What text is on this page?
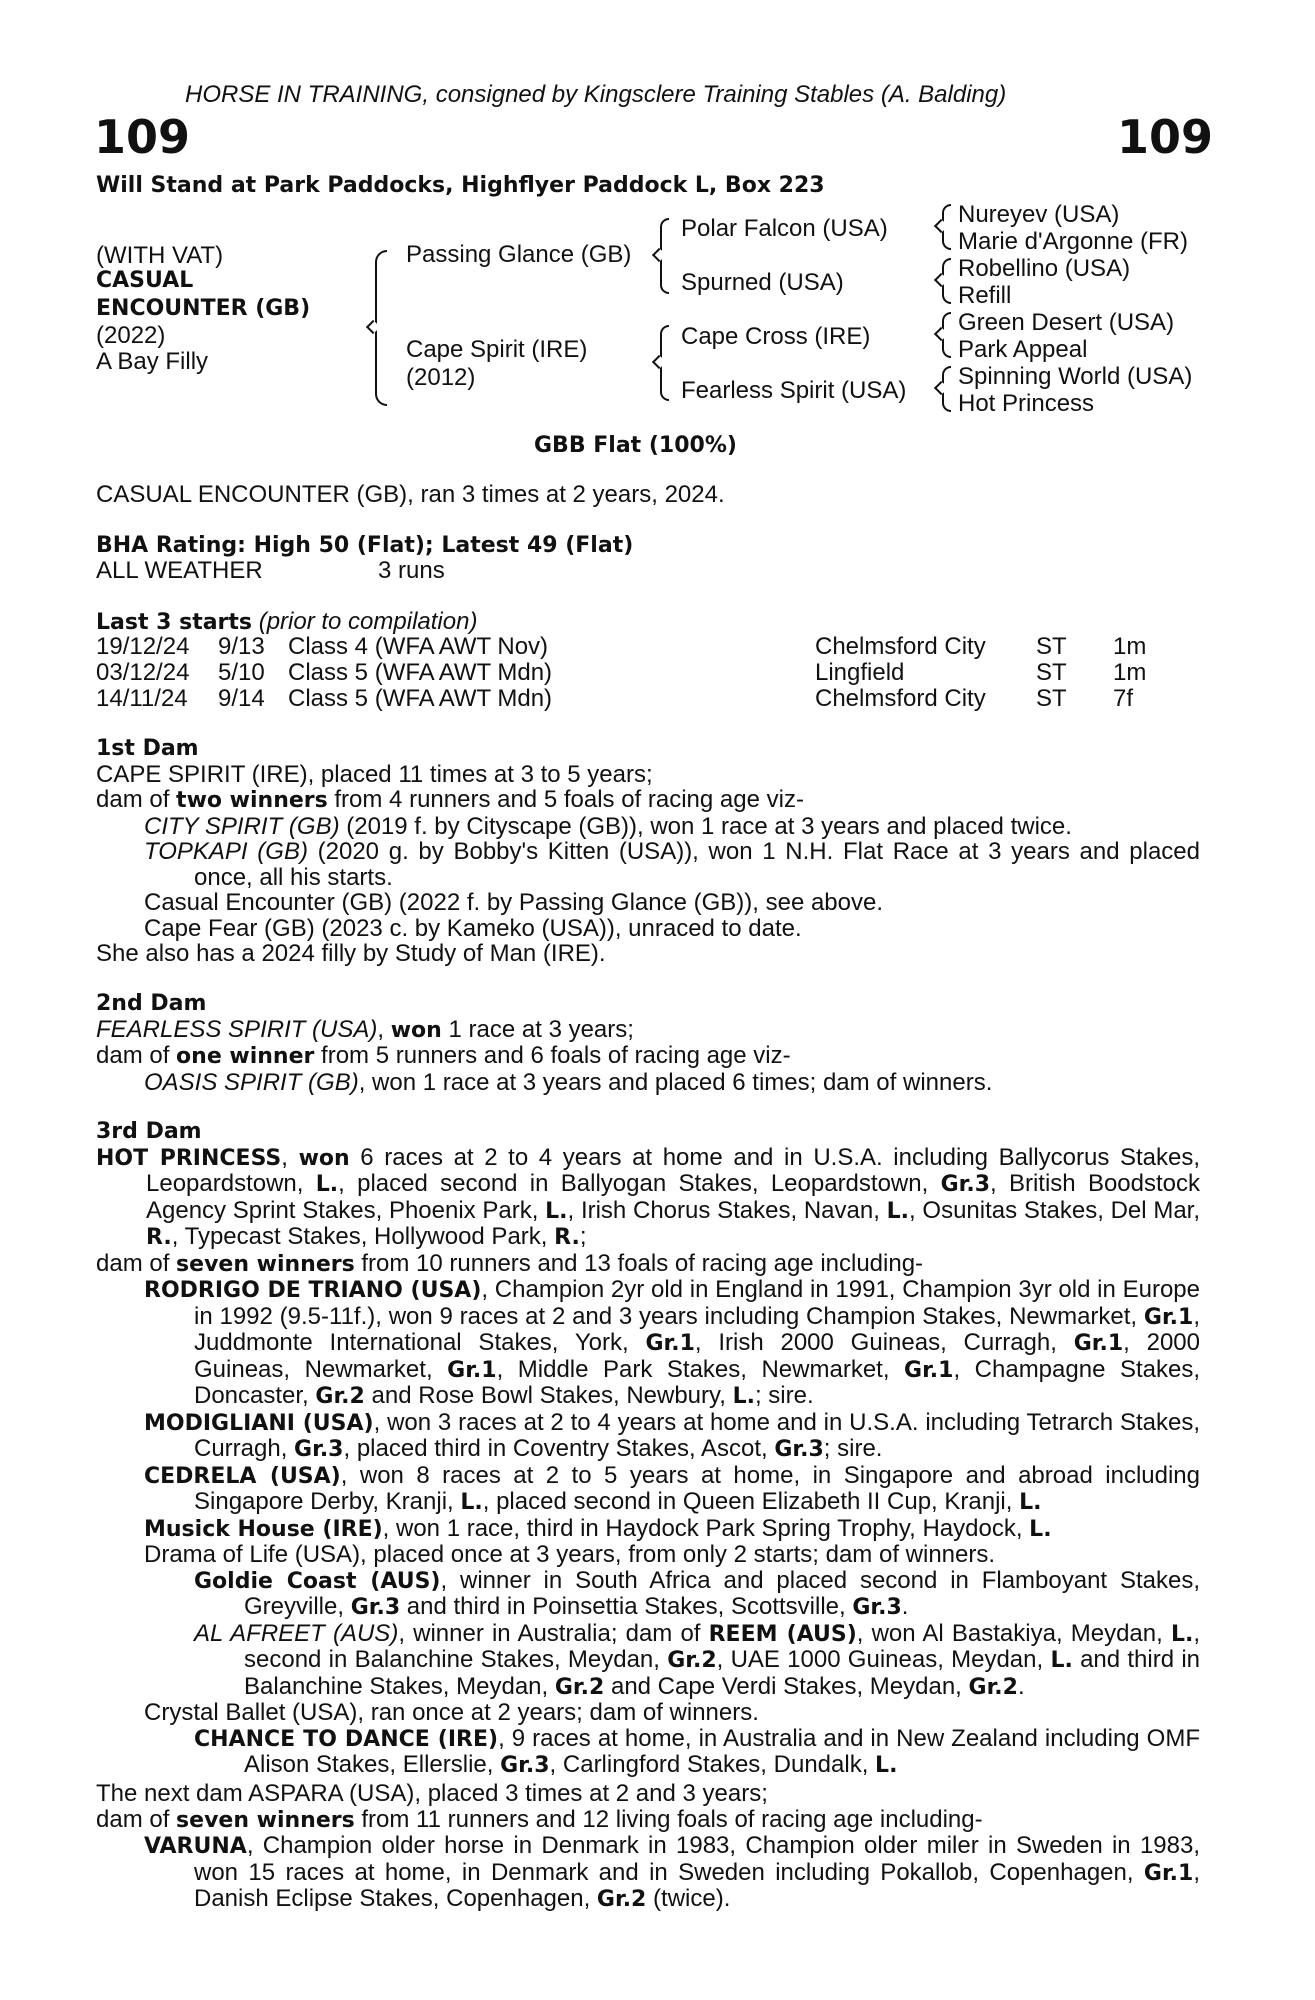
HORSE IN TRAINING, consigned by Kingsclere Training Stables (A. Balding)
109	109
Will Stand at Park Paddocks, Highflyer Paddock L, Box 223
(WITH VAT)
CASUAL
ENCOUNTER (GB)
(2022)
A Bay Filly
Passing Glance (GB)
Cape Spirit (IRE)
(2012)
Polar Falcon (USA)
Spurned (USA)
Cape Cross (IRE)
Fearless Spirit (USA)
Nureyev (USA)
Marie d'Argonne (FR)
Robellino (USA)
Refill
Green Desert (USA)
Park Appeal
Spinning World (USA)
Hot Princess
GBB Flat (100%)
CASUAL ENCOUNTER (GB), ran 3 times at 2 years, 2024.
BHA Rating: High 50 (Flat); Latest 49 (Flat)
ALL WEATHER	3 runs
Last 3 starts (prior to compilation)
19/12/24 9/13 Class 4 (WFA AWT Nov)	Chelmsford City ST 1m
03/12/24 5/10 Class 5 (WFA AWT Mdn)	Lingfield	ST 1m
14/11/24 9/14 Class 5 (WFA AWT Mdn)	Chelmsford City ST 7f

1st Dam

CAPE SPIRIT (IRE), placed 11 times at 3 to 5 years;

dam of two winners from 4 runners and 5 foals of racing age viz-

CITY SPIRIT (GB) (2019 f. by Cityscape (GB)), won 1 race at 3 years and placed twice.

TOPKAPI (GB) (2020 g. by Bobby's Kitten (USA)), won 1 N.H. Flat Race at 3 years and placed once, all his starts.

Casual Encounter (GB) (2022 f. by Passing Glance (GB)), see above.

Cape Fear (GB) (2023 c. by Kameko (USA)), unraced to date.

She also has a 2024 filly by Study of Man (IRE).

2nd Dam

FEARLESS SPIRIT (USA), won 1 race at 3 years;

dam of one winner from 5 runners and 6 foals of racing age viz-

OASIS SPIRIT (GB), won 1 race at 3 years and placed 6 times; dam of winners.

3rd Dam

HOT PRINCESS, won 6 races at 2 to 4 years at home and in U.S.A. including Ballycorus Stakes, Leopardstown, L., placed second in Ballyogan Stakes, Leopardstown, Gr.3, British Boodstock Agency Sprint Stakes, Phoenix Park, L., Irish Chorus Stakes, Navan, L., Osunitas Stakes, Del Mar, R., Typecast Stakes, Hollywood Park, R.;

dam of seven winners from 10 runners and 13 foals of racing age including-

RODRIGO DE TRIANO (USA), Champion 2yr old in England in 1991, Champion 3yr old in Europe in 1992 (9.5-11f.), won 9 races at 2 and 3 years including Champion Stakes, Newmarket, Gr.1, Juddmonte International Stakes, York, Gr.1, Irish 2000 Guineas, Curragh, Gr.1, 2000 Guineas, Newmarket, Gr.1, Middle Park Stakes, Newmarket, Gr.1, Champagne Stakes, Doncaster, Gr.2 and Rose Bowl Stakes, Newbury, L.; sire.

MODIGLIANI (USA), won 3 races at 2 to 4 years at home and in U.S.A. including Tetrarch Stakes, Curragh, Gr.3, placed third in Coventry Stakes, Ascot, Gr.3; sire.

CEDRELA (USA), won 8 races at 2 to 5 years at home, in Singapore and abroad including Singapore Derby, Kranji, L., placed second in Queen Elizabeth II Cup, Kranji, L.

Musick House (IRE), won 1 race, third in Haydock Park Spring Trophy, Haydock, L.

Drama of Life (USA), placed once at 3 years, from only 2 starts; dam of winners.

Goldie Coast (AUS), winner in South Africa and placed second in Flamboyant Stakes, Greyville, Gr.3 and third in Poinsettia Stakes, Scottsville, Gr.3.

AL AFREET (AUS), winner in Australia; dam of REEM (AUS), won Al Bastakiya, Meydan, L., second in Balanchine Stakes, Meydan, Gr.2, UAE 1000 Guineas, Meydan, L. and third in Balanchine Stakes, Meydan, Gr.2 and Cape Verdi Stakes, Meydan, Gr.2.

Crystal Ballet (USA), ran once at 2 years; dam of winners.

CHANCE TO DANCE (IRE), 9 races at home, in Australia and in New Zealand including OMF Alison Stakes, Ellerslie, Gr.3, Carlingford Stakes, Dundalk, L.

The next dam ASPARA (USA), placed 3 times at 2 and 3 years;

dam of seven winners from 11 runners and 12 living foals of racing age including-

VARUNA, Champion older horse in Denmark in 1983, Champion older miler in Sweden in 1983, won 15 races at home, in Denmark and in Sweden including Pokallob, Copenhagen, Gr.1, Danish Eclipse Stakes, Copenhagen, Gr.2 (twice).
